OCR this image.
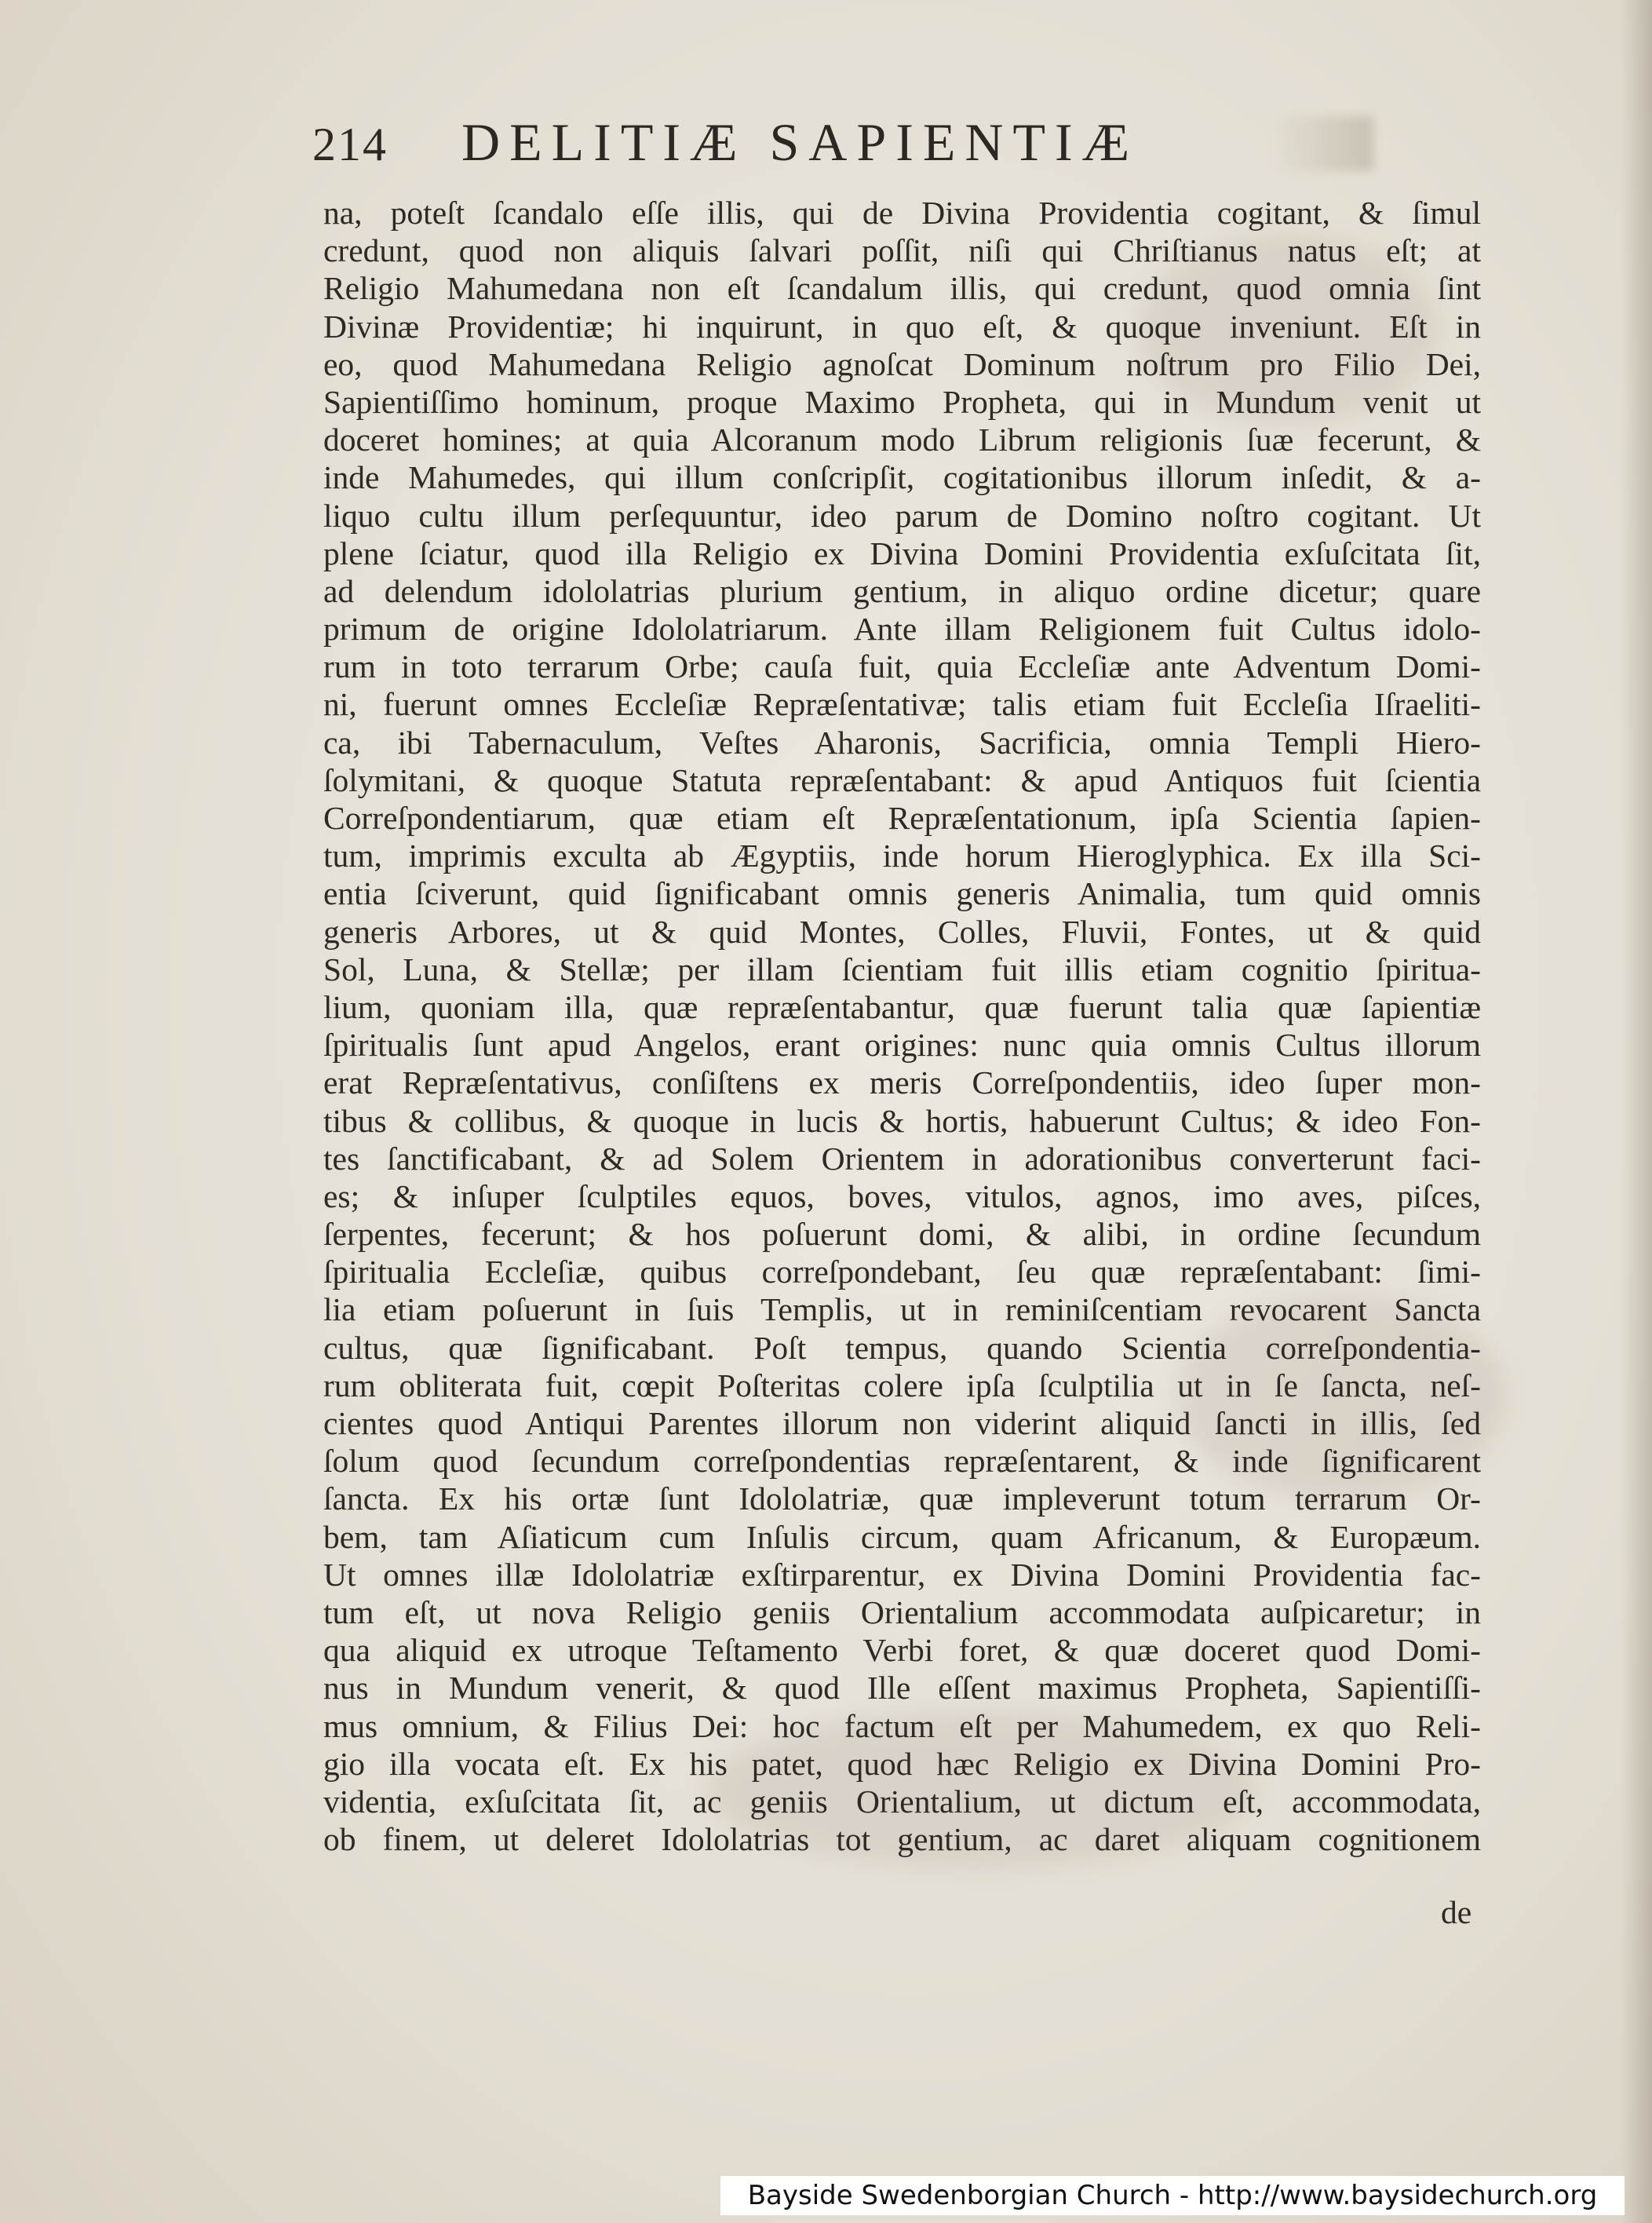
214 DELITIÆ SAPIENTIÆ
na, poteſt ſcandalo eſſe illis, qui de Divina Providentia cogitant, & ſimul
credunt, quod non aliquis ſalvari poſſit, niſi qui Chriſtianus natus eſt; at
Religio Mahumedana non eſt ſcandalum illis, qui credunt, quod omnia ſint
Divinæ Providentiæ; hi inquirunt, in quo eſt, & quoque inveniunt. Eſt in
eo, quod Mahumedana Religio agnoſcat Dominum noſtrum pro Filio Dei,
Sapientiſſimo hominum, proque Maximo Propheta, qui in Mundum venit ut
doceret homines; at quia Alcoranum modo Librum religionis ſuæ fecerunt, &
inde Mahumedes, qui illum conſcripſit, cogitationibus illorum inſedit, & a-
liquo cultu illum perſequuntur, ideo parum de Domino noſtro cogitant. Ut
plene ſciatur, quod illa Religio ex Divina Domini Providentia exſuſcitata ſit,
ad delendum idololatrias plurium gentium, in aliquo ordine dicetur; quare
primum de origine Idololatriarum. Ante illam Religionem fuit Cultus idolo-
rum in toto terrarum Orbe; cauſa fuit, quia Eccleſiæ ante Adventum Domi-
ni, fuerunt omnes Eccleſiæ Repræſentativæ; talis etiam fuit Eccleſia Iſraeliti-
ca, ibi Tabernaculum, Veſtes Aharonis, Sacrificia, omnia Templi Hiero-
ſolymitani, & quoque Statuta repræſentabant: & apud Antiquos fuit ſcientia
Correſpondentiarum, quæ etiam eſt Repræſentationum, ipſa Scientia ſapien-
tum, imprimis exculta ab Ægyptiis, inde horum Hieroglyphica. Ex illa Sci-
entia ſciverunt, quid ſignificabant omnis generis Animalia, tum quid omnis
generis Arbores, ut & quid Montes, Colles, Fluvii, Fontes, ut & quid
Sol, Luna, & Stellæ; per illam ſcientiam fuit illis etiam cognitio ſpiritua-
lium, quoniam illa, quæ repræſentabantur, quæ fuerunt talia quæ ſapientiæ
ſpiritualis ſunt apud Angelos, erant origines: nunc quia omnis Cultus illorum
erat Repræſentativus, conſiſtens ex meris Correſpondentiis, ideo ſuper mon-
tibus & collibus, & quoque in lucis & hortis, habuerunt Cultus; & ideo Fon-
tes ſanctificabant, & ad Solem Orientem in adorationibus converterunt faci-
es; & inſuper ſculptiles equos, boves, vitulos, agnos, imo aves, piſces,
ſerpentes, fecerunt; & hos poſuerunt domi, & alibi, in ordine ſecundum
ſpiritualia Eccleſiæ, quibus correſpondebant, ſeu quæ repræſentabant: ſimi-
lia etiam poſuerunt in ſuis Templis, ut in reminiſcentiam revocarent Sancta
cultus, quæ ſignificabant. Poſt tempus, quando Scientia correſpondentia-
rum obliterata fuit, cœpit Poſteritas colere ipſa ſculptilia ut in ſe ſancta, neſ-
cientes quod Antiqui Parentes illorum non viderint aliquid ſancti in illis, ſed
ſolum quod ſecundum correſpondentias repræſentarent, & inde ſignificarent
ſancta. Ex his ortæ ſunt Idololatriæ, quæ impleverunt totum terrarum Or-
bem, tam Aſiaticum cum Inſulis circum, quam Africanum, & Europæum.
Ut omnes illæ Idololatriæ exſtirparentur, ex Divina Domini Providentia fac-
tum eſt, ut nova Religio geniis Orientalium accommodata auſpicaretur; in
qua aliquid ex utroque Teſtamento Verbi foret, & quæ doceret quod Domi-
nus in Mundum venerit, & quod Ille eſſent maximus Propheta, Sapientiſſi-
mus omnium, & Filius Dei: hoc factum eſt per Mahumedem, ex quo Reli-
gio illa vocata eſt. Ex his patet, quod hæc Religio ex Divina Domini Pro-
videntia, exſuſcitata ſit, ac geniis Orientalium, ut dictum eſt, accommodata,
ob finem, ut deleret Idololatrias tot gentium, ac daret aliquam cognitionem
de
Bayside Swedenborgian Church - http://www.baysidechurch.org
